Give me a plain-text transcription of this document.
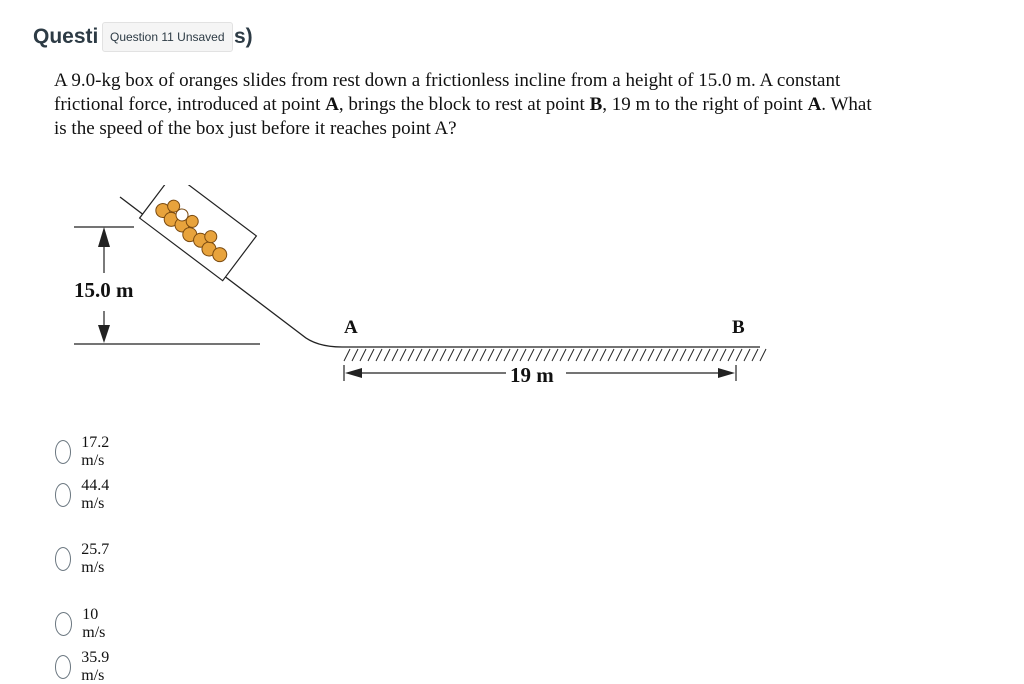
Questi	s)
Question 11 Unsaved

A 9.0-kg box of oranges slides from rest down a frictionless incline from a height of 15.0 m. A constant frictional force, introduced at point A, brings the block to rest at point B, 19 m to the right of point A. What is the speed of the box just before it reaches point A?

15.0 m
A	B
19 m
17.2 m/s
44.4 m/s
25.7 m/s
10 m/s
35.9 m/s
